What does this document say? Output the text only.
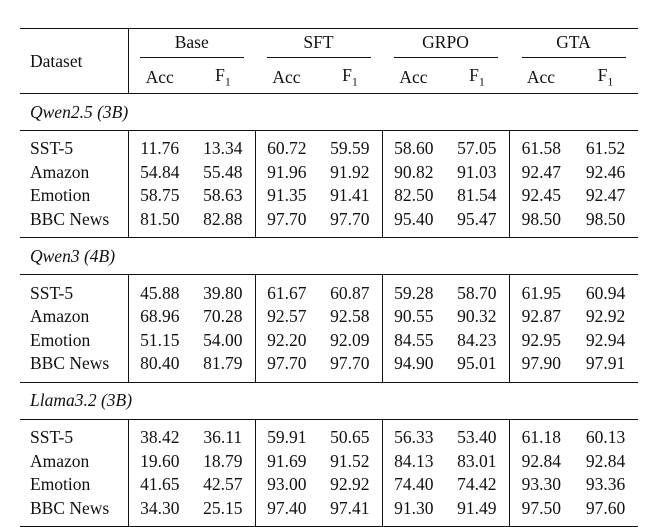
Dataset	Base		SFT		GRPO		GTA	
	Acc	$F_1$	Acc	$F_1$	Acc	$F_1$	Acc	$F_1$
Qwen2.5 (3B)								
SST-5	11.76	13.34	60.72	59.59	58.60	57.05	61.58	61.52
Amazon	54.84	55.48	91.96	91.92	90.82	91.03	92.47	92.46
Emotion	58.75	58.63	91.35	91.41	82.50	81.54	92.45	92.47
BBC News	81.50	82.88	97.70	97.70	95.40	95.47	98.50	98.50
Qwen3 (4B)								
SST-5	45.88	39.80	61.67	60.87	59.28	58.70	61.95	60.94
Amazon	68.96	70.28	92.57	92.58	90.55	90.32	92.87	92.92
Emotion	51.15	54.00	92.20	92.09	84.55	84.23	92.95	92.94
BBC News	80.40	81.79	97.70	97.70	94.90	95.01	97.90	97.91
Llama3.2 (3B)								
SST-5	38.42	36.11	59.91	50.65	56.33	53.40	61.18	60.13
Amazon	19.60	18.79	91.69	91.52	84.13	83.01	92.84	92.84
Emotion	41.65	42.57	93.00	92.92	74.40	74.42	93.30	93.36
BBC News	34.30	25.15	97.40	97.41	91.30	91.49	97.50	97.60
